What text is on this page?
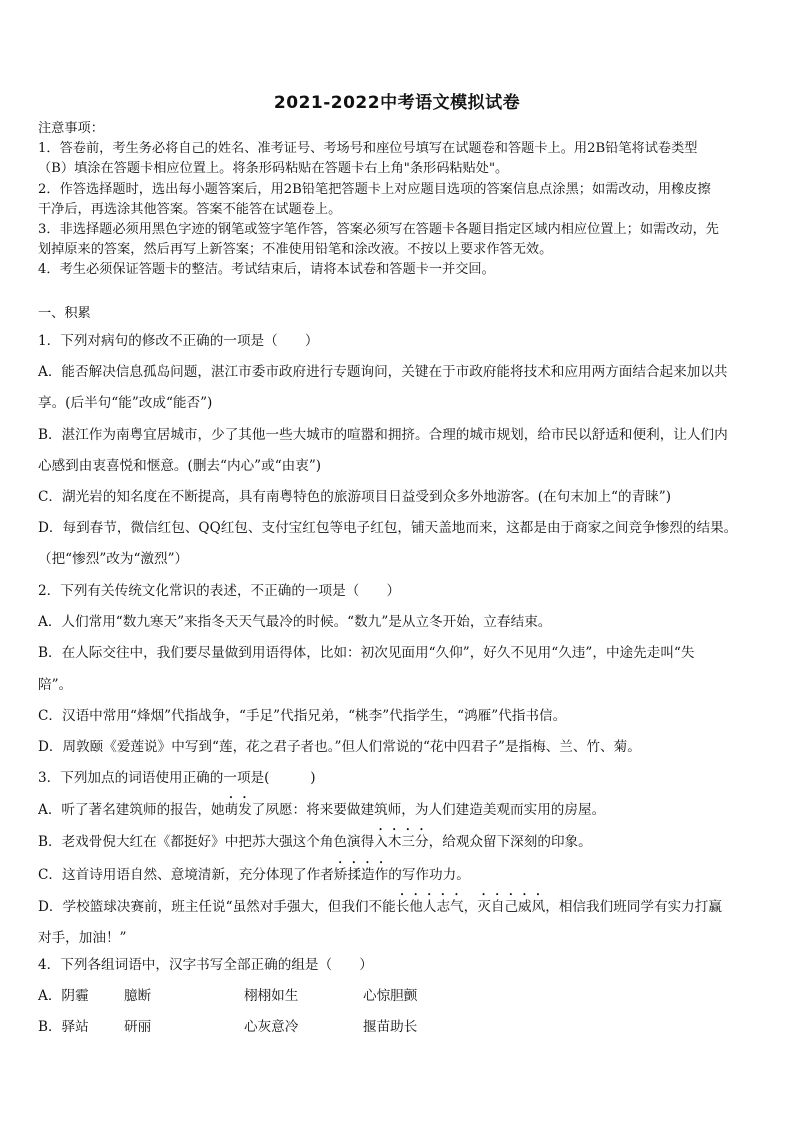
2021-2022中考语文模拟试卷
注意事项：
1．答卷前，考生务必将自己的姓名、准考证号、考场号和座位号填写在试题卷和答题卡上。用2B铅笔将试卷类型
（B）填涂在答题卡相应位置上。将条形码粘贴在答题卡右上角"条形码粘贴处"。
2．作答选择题时，选出每小题答案后，用2B铅笔把答题卡上对应题目选项的答案信息点涂黑；如需改动，用橡皮擦
干净后，再选涂其他答案。答案不能答在试题卷上。
3．非选择题必须用黑色字迹的钢笔或签字笔作答，答案必须写在答题卡各题目指定区域内相应位置上；如需改动，先
划掉原来的答案，然后再写上新答案；不准使用铅笔和涂改液。不按以上要求作答无效。
4．考生必须保证答题卡的整洁。考试结束后，请将本试卷和答题卡一并交回。
一、积累
1．下列对病句的修改不正确的一项是（　　）
A．能否解决信息孤岛问题，湛江市委市政府进行专题询问，关键在于市政府能将技术和应用两方面结合起来加以共
享。(后半句“能”改成“能否”)
B．湛江作为南粤宜居城市，少了其他一些大城市的喧嚣和拥挤。合理的城市规划，给市民以舒适和便利，让人们内
心感到由衷喜悦和惬意。(删去“内心”或“由衷”)
C．湖光岩的知名度在不断提高，具有南粤特色的旅游项目日益受到众多外地游客。(在句末加上“的青睐”)
D．每到春节，微信红包、QQ红包、支付宝红包等电子红包，铺天盖地而来，这都是由于商家之间竞争惨烈的结果。
（把“惨烈”改为“激烈”）
2．下列有关传统文化常识的表述，不正确的一项是（　　）
A．人们常用“数九寒天”来指冬天天气最冷的时候。“数九”是从立冬开始，立春结束。
B．在人际交往中，我们要尽量做到用语得体，比如：初次见面用“久仰”，好久不见用“久违”，中途先走叫“失
陪”。
C．汉语中常用“烽烟”代指战争，“手足”代指兄弟，“桃李”代指学生，“鸿雁”代指书信。
D．周敦颐《爱莲说》中写到“莲，花之君子者也。”但人们常说的“花中四君子”是指梅、兰、竹、菊。
3．下列加点的词语使用正确的一项是(　　　)
A．听了著名建筑师的报告，她萌发了夙愿：将来要做建筑师，为人们建造美观而实用的房屋。
B．老戏骨倪大红在《都挺好》中把苏大强这个角色演得入木三分，给观众留下深刻的印象。
C．这首诗用语自然、意境清新，充分体现了作者矫揉造作的写作功力。
D．学校篮球决赛前，班主任说“虽然对手强大，但我们不能长他人志气，灭自己威风，相信我们班同学有实力打赢
对手，加油！”
4．下列各组词语中，汉字书写全部正确的组是（　　）
A．阴霾	臆断	栩栩如生	心惊胆颤
B．驿站	研丽	心灰意冷	揠苗助长
